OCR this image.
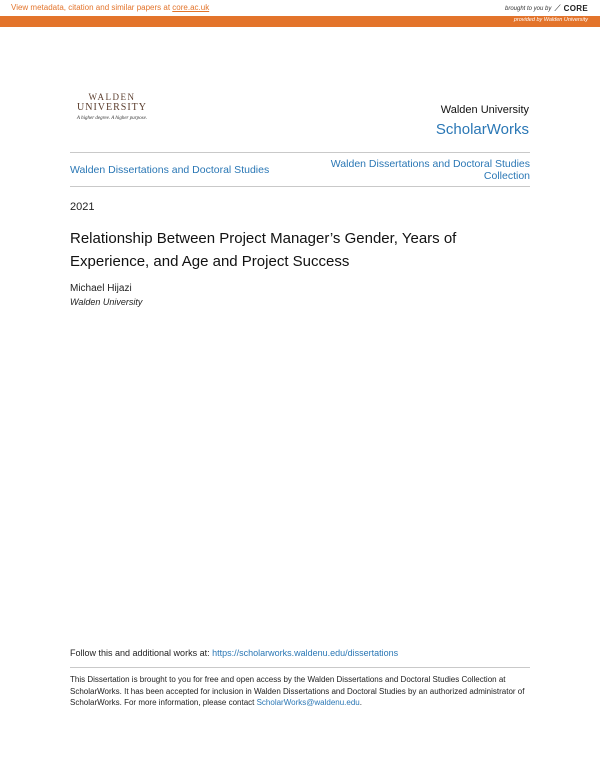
View metadata, citation and similar papers at core.ac.uk	brought to you by ⟋ CORE
provided by Walden University
WALDEN
UNIVERSITY
A higher degree. A higher purpose.
Walden University
ScholarWorks
Walden Dissertations and Doctoral Studies	Walden Dissertations and Doctoral Studies
Collection
2021
Relationship Between Project Manager’s Gender, Years of Experience, and Age and Project Success
Michael Hijazi
Walden University
Follow this and additional works at: https://scholarworks.waldenu.edu/dissertations
This Dissertation is brought to you for free and open access by the Walden Dissertations and Doctoral Studies Collection at ScholarWorks. It has been accepted for inclusion in Walden Dissertations and Doctoral Studies by an authorized administrator of ScholarWorks. For more information, please contact ScholarWorks@waldenu.edu.
